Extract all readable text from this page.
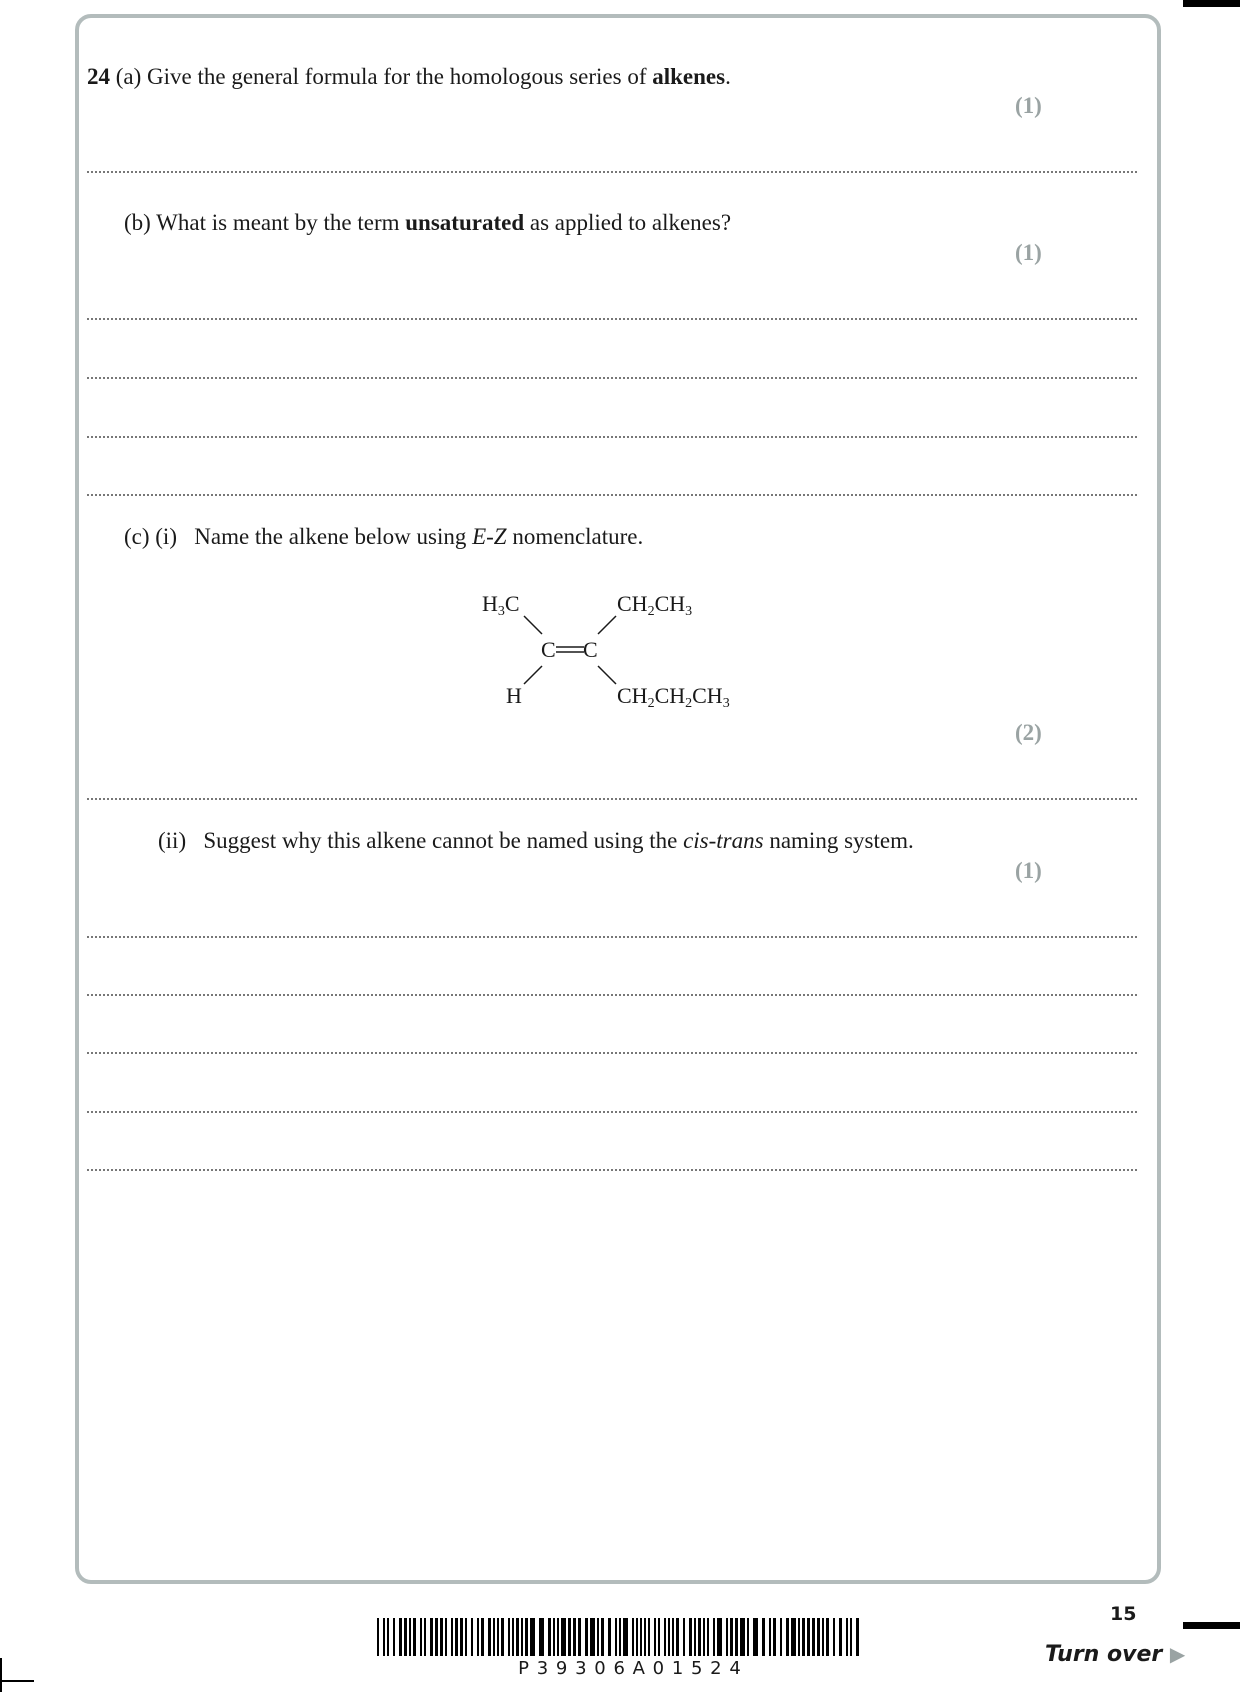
24 (a) Give the general formula for the homologous series of alkenes.
(1)
(b) What is meant by the term unsaturated as applied to alkenes?
(1)
(c) (i) Name the alkene below using E-Z nomenclature.
$H_3C$	$CH_2CH_3$
C C
H	$CH_2CH_2CH_3$
(2)
(ii) Suggest why this alkene cannot be named using the cis-trans naming system.
(1)
15
Turn over ▶
P 3 9 3 0 6 A 0 1 5 2 4
